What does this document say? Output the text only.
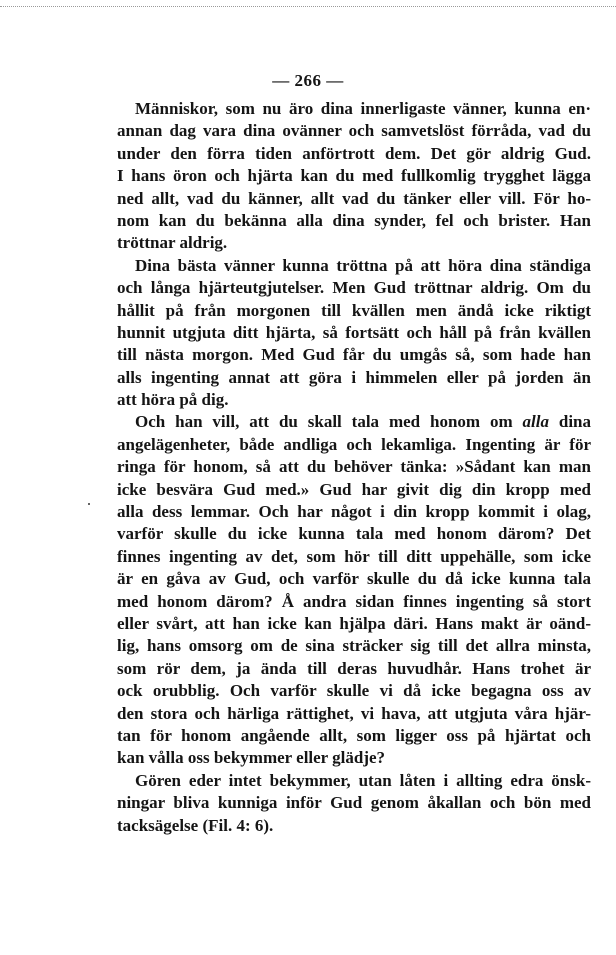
— 266 —
Människor, som nu äro dina innerligaste vänner, kunna en·
annan dag vara dina ovänner och samvetslöst förråda, vad du
under den förra tiden anförtrott dem. Det gör aldrig Gud.
I hans öron och hjärta kan du med fullkomlig trygghet lägga
ned allt, vad du känner, allt vad du tänker eller vill. För ho-
nom kan du bekänna alla dina synder, fel och brister. Han
tröttnar aldrig.
Dina bästa vänner kunna tröttna på att höra dina ständiga
och långa hjärteutgjutelser. Men Gud tröttnar aldrig. Om du
hållit på från morgonen till kvällen men ändå icke riktigt
hunnit utgjuta ditt hjärta, så fortsätt och håll på från kvällen
till nästa morgon. Med Gud får du umgås så, som hade han
alls ingenting annat att göra i himmelen eller på jorden än
att höra på dig.
Och han vill, att du skall tala med honom om alla dina
angelägenheter, både andliga och lekamliga. Ingenting är för
ringa för honom, så att du behöver tänka: »Sådant kan man
icke besvära Gud med.» Gud har givit dig din kropp med
alla dess lemmar. Och har något i din kropp kommit i olag,
varför skulle du icke kunna tala med honom därom? Det
finnes ingenting av det, som hör till ditt uppehälle, som icke
är en gåva av Gud, och varför skulle du då icke kunna tala
med honom därom? Å andra sidan finnes ingenting så stort
eller svårt, att han icke kan hjälpa däri. Hans makt är oänd-
lig, hans omsorg om de sina sträcker sig till det allra minsta,
som rör dem, ja ända till deras huvudhår. Hans trohet är
ock orubblig. Och varför skulle vi då icke begagna oss av
den stora och härliga rättighet, vi hava, att utgjuta våra hjär-
tan för honom angående allt, som ligger oss på hjärtat och
kan vålla oss bekymmer eller glädje?
Gören eder intet bekymmer, utan låten i allting edra önsk-
ningar bliva kunniga inför Gud genom åkallan och bön med
tacksägelse (Fil. 4: 6).
